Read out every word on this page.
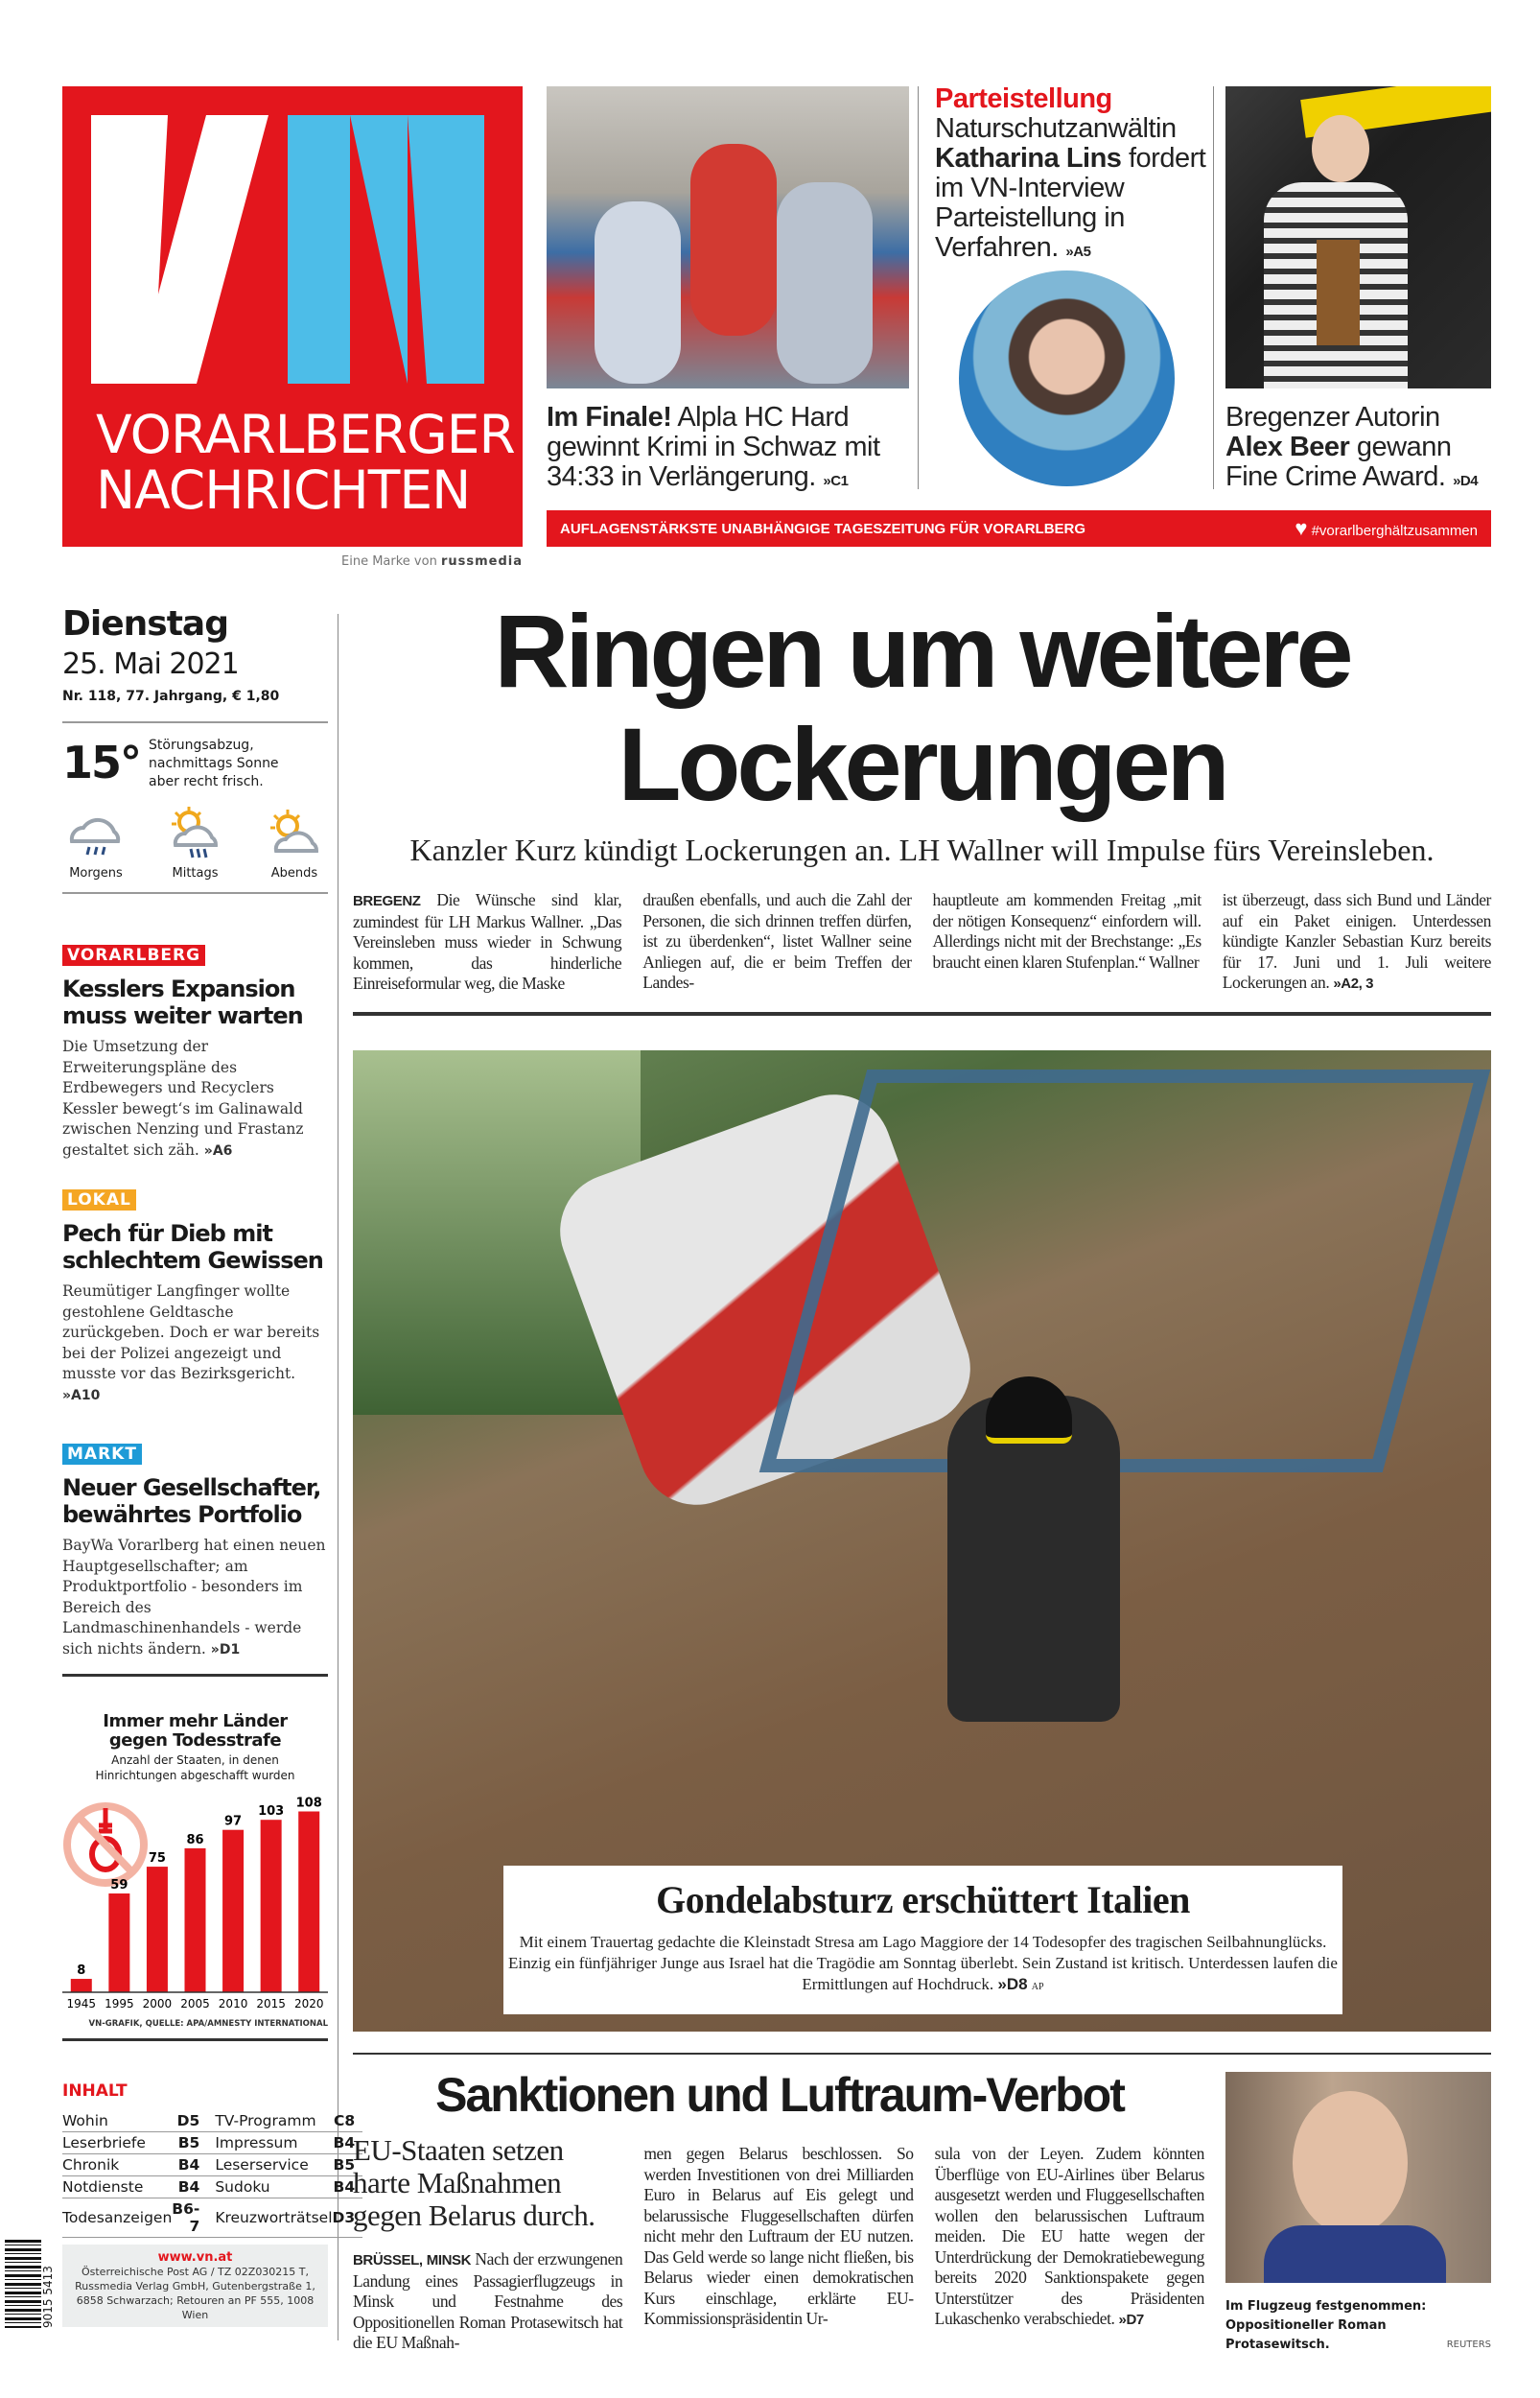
VORARLBERGER
NACHRICHTEN
Eine Marke von russmedia
Im Finale! Alpla HC Hard gewinnt Krimi in Schwaz mit 34:33 in Verlängerung. »C1
Parteistellung
Naturschutzanwältin Katharina Lins fordert im VN-Interview Parteistellung in Verfahren. »A5
Bregenzer Autorin Alex Beer gewann Fine Crime Award. »D4
AUFLAGENSTÄRKSTE UNABHÄNGIGE TAGESZEITUNG FÜR VORARLBERG	♥ #vorarlberghältzusammen
Dienstag
25. Mai 2021
Nr. 118, 77. Jahrgang, € 1,80
15° Störungsabzug, nachmittags Sonne aber recht frisch.
Morgens	Mittags	Abends
VORARLBERG
Kesslers Expansion muss weiter warten
Die Umsetzung der Erweiterungspläne des Erdbewegers und Recyclers Kessler bewegt‘s im Galinawald zwischen Nenzing und Frastanz gestaltet sich zäh. »A6
LOKAL
Pech für Dieb mit schlechtem Gewissen
Reumütiger Langfinger wollte gestohlene Geldtasche zurückgeben. Doch er war bereits bei der Polizei angezeigt und musste vor das Bezirksgericht. »A10
MARKT
Neuer Gesellschafter, bewährtes Portfolio
BayWa Vorarlberg hat einen neuen Hauptgesellschafter; am Produktportfolio - besonders im Bereich des Landmaschinenhandels - werde sich nichts ändern. »D1
Immer mehr Länder gegen Todesstrafe
Anzahl der Staaten, in denen Hinrichtungen abgeschafft wurden
8
1945
59
1995
75
2000
86
2005
97
2010
103
2015
108
2020
VN-GRAFIK, QUELLE: APA/AMNESTY INTERNATIONAL
INHALT
Wohin	D5	TV-Programm	C8
Leserbriefe	B5	Impressum	B4
Chronik	B4	Leserservice	B5
Notdienste	B4	Sudoku	B4
Todesanzeigen	B6-7	Kreuzworträtsel	D3
9015 5413
www.vn.at
Österreichische Post AG / TZ 02Z030215 T,
Russmedia Verlag GmbH, Gutenbergstraße 1,
6858 Schwarzach; Retouren an PF 555, 1008 Wien
Ringen um weitere
Lockerungen
Kanzler Kurz kündigt Lockerungen an. LH Wallner will Impulse fürs Vereinsleben.
BREGENZ Die Wünsche sind klar, zumindest für LH Markus Wallner. „Das Vereinsleben muss wieder in Schwung kommen, das hinderliche Einreiseformular weg, die Maske
draußen ebenfalls, und auch die Zahl der Personen, die sich drinnen treffen dürfen, ist zu überdenken“, listet Wallner seine Anliegen auf, die er beim Treffen der Landes-
hauptleute am kommenden Freitag „mit der nötigen Konsequenz“ einfordern will. Allerdings nicht mit der Brechstange: „Es braucht einen klaren Stufenplan.“ Wallner
ist überzeugt, dass sich Bund und Länder auf ein Paket einigen. Unterdessen kündigte Kanzler Sebastian Kurz bereits für 17. Juni und 1. Juli weitere Lockerungen an. »A2, 3
Gondelabsturz erschüttert Italien

Mit einem Trauertag gedachte die Kleinstadt Stresa am Lago Maggiore der 14 Todesopfer des tragischen Seilbahnunglücks. Einzig ein fünfjähriger Junge aus Israel hat die Tragödie am Sonntag überlebt. Sein Zustand ist kritisch. Unterdessen laufen die Ermittlungen auf Hochdruck. »D8 AP

Sanktionen und Luftraum-Verbot
EU-Staaten setzen harte Maßnahmen gegen Belarus durch.
BRÜSSEL, MINSK Nach der erzwungenen Landung eines Passagierflugzeugs in Minsk und Festnahme des Oppositionellen Roman Protasewitsch hat die EU Maßnah-
men gegen Belarus beschlossen. So werden Investitionen von drei Milliarden Euro in Belarus auf Eis gelegt und belarussische Fluggesellschaften dürfen nicht mehr den Luftraum der EU nutzen. Das Geld werde so lange nicht fließen, bis Belarus wieder einen demokratischen Kurs einschlage, erklärte EU-Kommissionspräsidentin Ur-
sula von der Leyen. Zudem könnten Überflüge von EU-Airlines über Belarus ausgesetzt werden und Fluggesellschaften wollen den belarussischen Luftraum meiden. Die EU hatte wegen der Unterdrückung der Demokratiebewegung bereits 2020 Sanktionspakete gegen Unterstützer des Präsidenten Lukaschenko verabschiedet. »D7
Im Flugzeug festgenommen: Oppositioneller Roman Protasewitsch.	REUTERS
